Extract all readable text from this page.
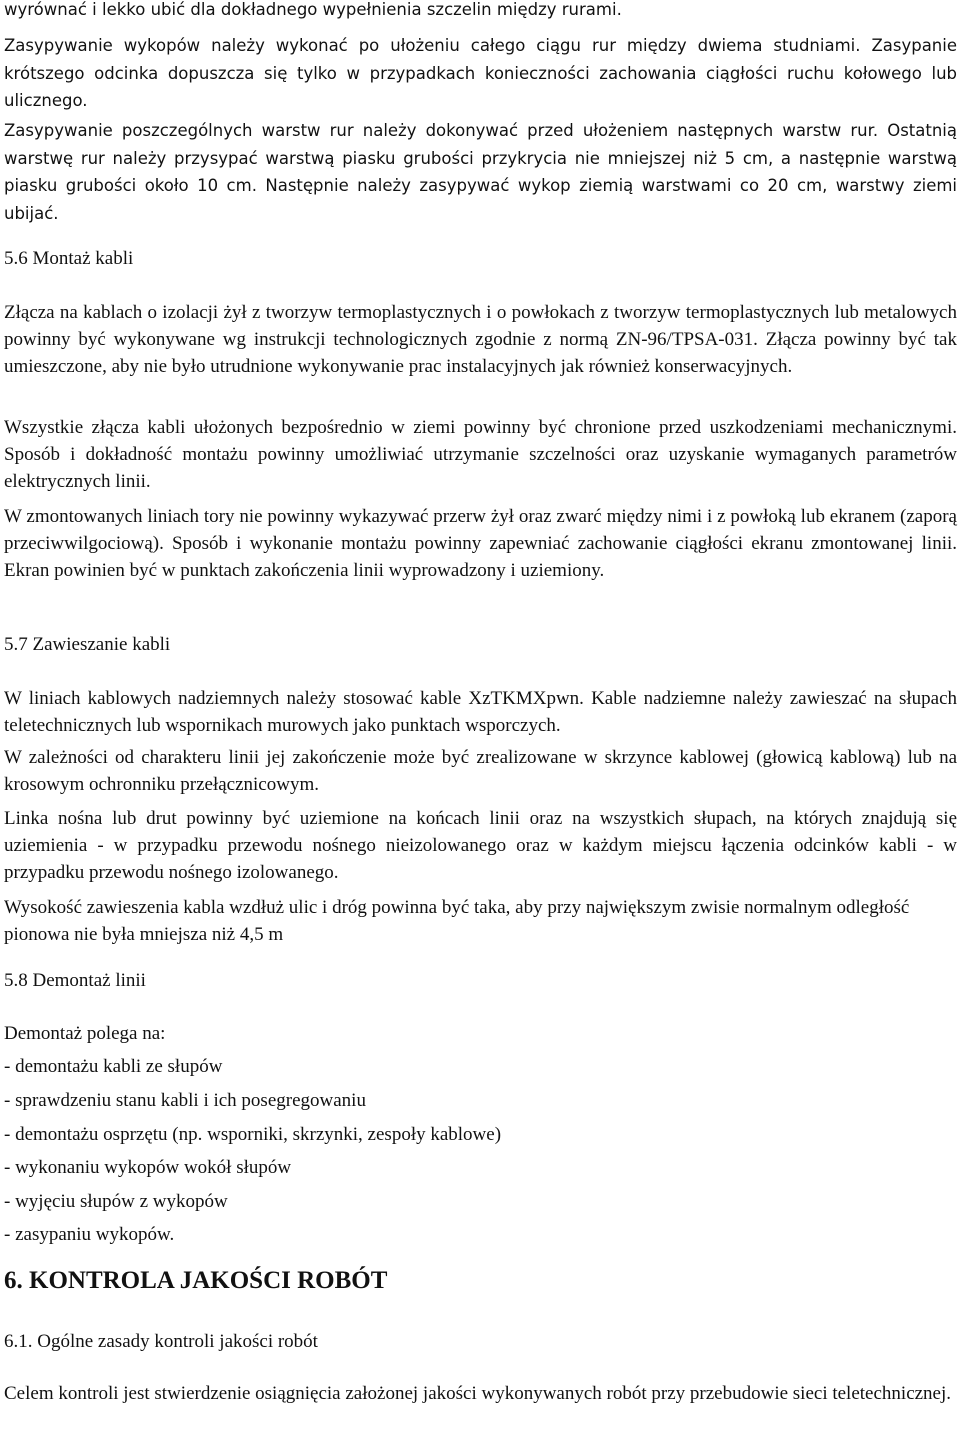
wyrównać i lekko ubić dla dokładnego wypełnienia szczelin między rurami.

Zasypywanie wykopów należy wykonać po ułożeniu całego ciągu rur między dwiema studniami. Zasypanie krótszego odcinka dopuszcza się tylko w przypadkach konieczności zachowania ciągłości ruchu kołowego lub ulicznego.

Zasypywanie poszczególnych warstw rur należy dokonywać przed ułożeniem następnych warstw rur. Ostatnią warstwę rur należy przysypać warstwą piasku grubości przykrycia nie mniejszej niż 5 cm, a następnie warstwą piasku grubości około 10 cm. Następnie należy zasypywać wykop ziemią warstwami co 20 cm, warstwy ziemi ubijać.

5.6 Montaż kabli

Złącza na kablach o izolacji żył z tworzyw termoplastycznych i o powłokach z tworzyw termoplastycznych lub metalowych powinny być wykonywane wg instrukcji technologicznych zgodnie z normą ZN-96/TPSA-031. Złącza powinny być tak umieszczone, aby nie było utrudnione wykonywanie prac instalacyjnych jak również konserwacyjnych.

Wszystkie złącza kabli ułożonych bezpośrednio w ziemi powinny być chronione przed uszkodzeniami mechanicznymi. Sposób i dokładność montażu powinny umożliwiać utrzymanie szczelności oraz uzyskanie wymaganych parametrów elektrycznych linii.

W zmontowanych liniach tory nie powinny wykazywać przerw żył oraz zwarć między nimi i z powłoką lub ekranem (zaporą przeciwwilgociową). Sposób i wykonanie montażu powinny zapewniać zachowanie ciągłości ekranu zmontowanej linii. Ekran powinien być w punktach zakończenia linii wyprowadzony i uziemiony.

5.7 Zawieszanie kabli

W liniach kablowych nadziemnych należy stosować kable XzTKMXpwn. Kable nadziemne należy zawieszać na słupach teletechnicznych lub wspornikach murowych jako punktach wsporczych.

W zależności od charakteru linii jej zakończenie może być zrealizowane w skrzynce kablowej (głowicą kablową) lub na krosowym ochronniku przełącznicowym.

Linka nośna lub drut powinny być uziemione na końcach linii oraz na wszystkich słupach, na których znajdują się uziemienia - w przypadku przewodu nośnego nieizolowanego oraz w każdym miejscu łączenia odcinków kabli - w przypadku przewodu nośnego izolowanego.

Wysokość zawieszenia kabla wzdłuż ulic i dróg powinna być taka, aby przy największym zwisie normalnym odległość pionowa nie była mniejsza niż 4,5 m

5.8 Demontaż linii

Demontaż polega na:

- demontażu kabli ze słupów

- sprawdzeniu stanu kabli i ich posegregowaniu

- demontażu osprzętu (np. wsporniki, skrzynki, zespoły kablowe)

- wykonaniu wykopów wokół słupów

- wyjęciu słupów z wykopów

- zasypaniu wykopów.

6. KONTROLA JAKOŚCI ROBÓT
6.1. Ogólne zasady kontroli jakości robót

Celem kontroli jest stwierdzenie osiągnięcia założonej jakości wykonywanych robót przy przebudowie sieci teletechnicznej.
